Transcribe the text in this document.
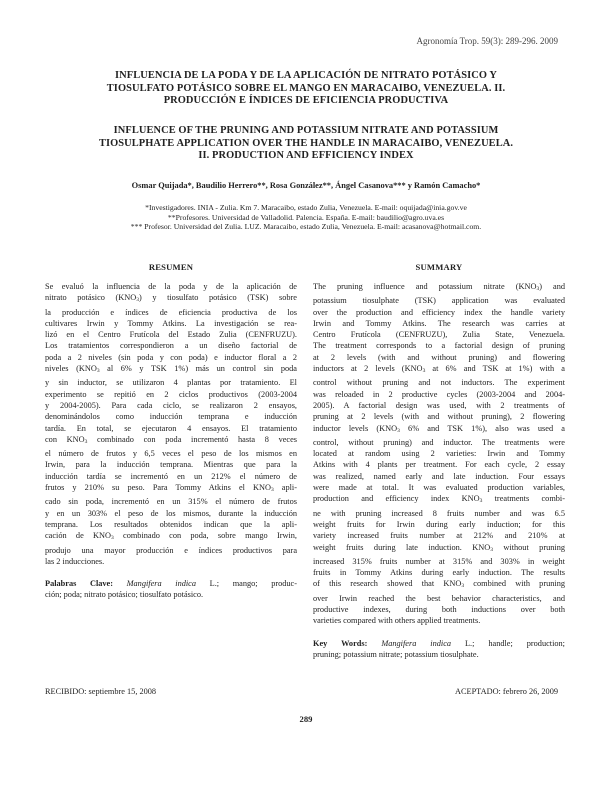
Agronomía Trop. 59(3): 289-296. 2009
INFLUENCIA DE LA PODA Y DE LA APLICACIÓN DE NITRATO POTÁSICO Y
TIOSULFATO POTÁSICO SOBRE EL MANGO EN MARACAIBO, VENEZUELA. II.
PRODUCCIÓN E ÍNDICES DE EFICIENCIA PRODUCTIVA
INFLUENCE OF THE PRUNING AND POTASSIUM NITRATE AND POTASSIUM
TIOSULPHATE APPLICATION OVER THE HANDLE IN MARACAIBO, VENEZUELA.
II. PRODUCTION AND EFFICIENCY INDEX
Osmar Quijada*, Baudilio Herrero**, Rosa González**, Ángel Casanova*** y Ramón Camacho*
*Investigadores. INIA - Zulia. Km 7. Maracaibo, estado Zulia, Venezuela. E-mail: oquijada@inia.gov.ve
**Profesores. Universidad de Valladolid. Palencia. España. E-mail: baudilio@agro.uva.es
*** Profesor. Universidad del Zulia. LUZ. Maracaibo, estado Zulia, Venezuela. E-mail: acasanova@hotmail.com.
RESUMEN
Se evaluó la influencia de la poda y de la aplicación de
nitrato potásico $(KNO_3)$ y tiosulfato potásico (TSK) sobre
la producción e índices de eficiencia productiva de los
cultivares Irwin y Tommy Atkins. La investigación se rea-
lizó en el Centro Frutícola del Estado Zulia (CENFRUZU).
Los tratamientos correspondieron a un diseño factorial de
poda a 2 niveles (sin poda y con poda) e inductor floral a 2
niveles ($KNO_3$ al 6% y TSK 1%) más un control sin poda
y sin inductor, se utilizaron 4 plantas por tratamiento. El
experimento se repitió en 2 ciclos productivos (2003-2004
y 2004-2005). Para cada ciclo, se realizaron 2 ensayos,
denominándolos como inducción temprana e inducción
tardía. En total, se ejecutaron 4 ensayos. El tratamiento
con $KNO_3$ combinado con poda incrementó hasta 8 veces
el número de frutos y 6,5 veces el peso de los mismos en
Irwin, para la inducción temprana. Mientras que para la
inducción tardía se incrementó en un 212% el número de
frutos y 210% su peso. Para Tommy Atkins el $KNO_3$ apli-
cado sin poda, incrementó en un 315% el número de frutos
y en un 303% el peso de los mismos, durante la inducción
temprana. Los resultados obtenidos indican que la apli-
cación de $KNO_3$ combinado con poda, sobre mango Irwin,
produjo una mayor producción e índices productivos para
las 2 inducciones.
Palabras Clave: Mangifera indica L.; mango; produc-
ción; poda; nitrato potásico; tiosulfato potásico.
SUMMARY
The pruning influence and potassium nitrate $(KNO_3)$ and
potassium tiosulphate (TSK) application was evaluated
over the production and efficiency index the handle variety
Irwin and Tommy Atkins. The research was carries at
Centro Frutícola (CENFRUZU), Zulia State, Venezuela.
The treatment corresponds to a factorial design of pruning
at 2 levels (with and without pruning) and flowering
inductors at 2 levels ($KNO_3$ at 6% and TSK at 1%) with a
control without pruning and not inductors. The experiment
was reloaded in 2 productive cycles (2003-2004 and 2004-
2005). A factorial design was used, with 2 treatments of
pruning at 2 levels (with and without pruning), 2 flowering
inductor levels ($KNO_3$ 6% and TSK 1%), also was used a
control, without pruning) and inductor. The treatments were
located at random using 2 varieties: Irwin and Tommy
Atkins with 4 plants per treatment. For each cycle, 2 essay
was realized, named early and late induction. Four essays
were made at total. It was evaluated production variables,
production and efficiency index $KNO_3$ treatments combi-
ne with pruning increased 8 fruits number and was 6.5
weight fruits for Irwin during early induction; for this
variety increased fruits number at 212% and 210% at
weight fruits during late induction. $KNO_3$ without pruning
increased 315% fruits number at 315% and 303% in weight
fruits in Tommy Atkins during early induction. The results
of this research showed that $KNO_3$ combined with pruning
over Irwin reached the best behavior characteristics, and
productive indexes, during both inductions over both
varieties compared with others applied treatments.
Key Words: Mangifera indica L.; handle; production;
pruning; potassium nitrate; potassium tiosulphate.
RECIBIDO: septiembre 15, 2008	ACEPTADO: febrero 26, 2009
289
